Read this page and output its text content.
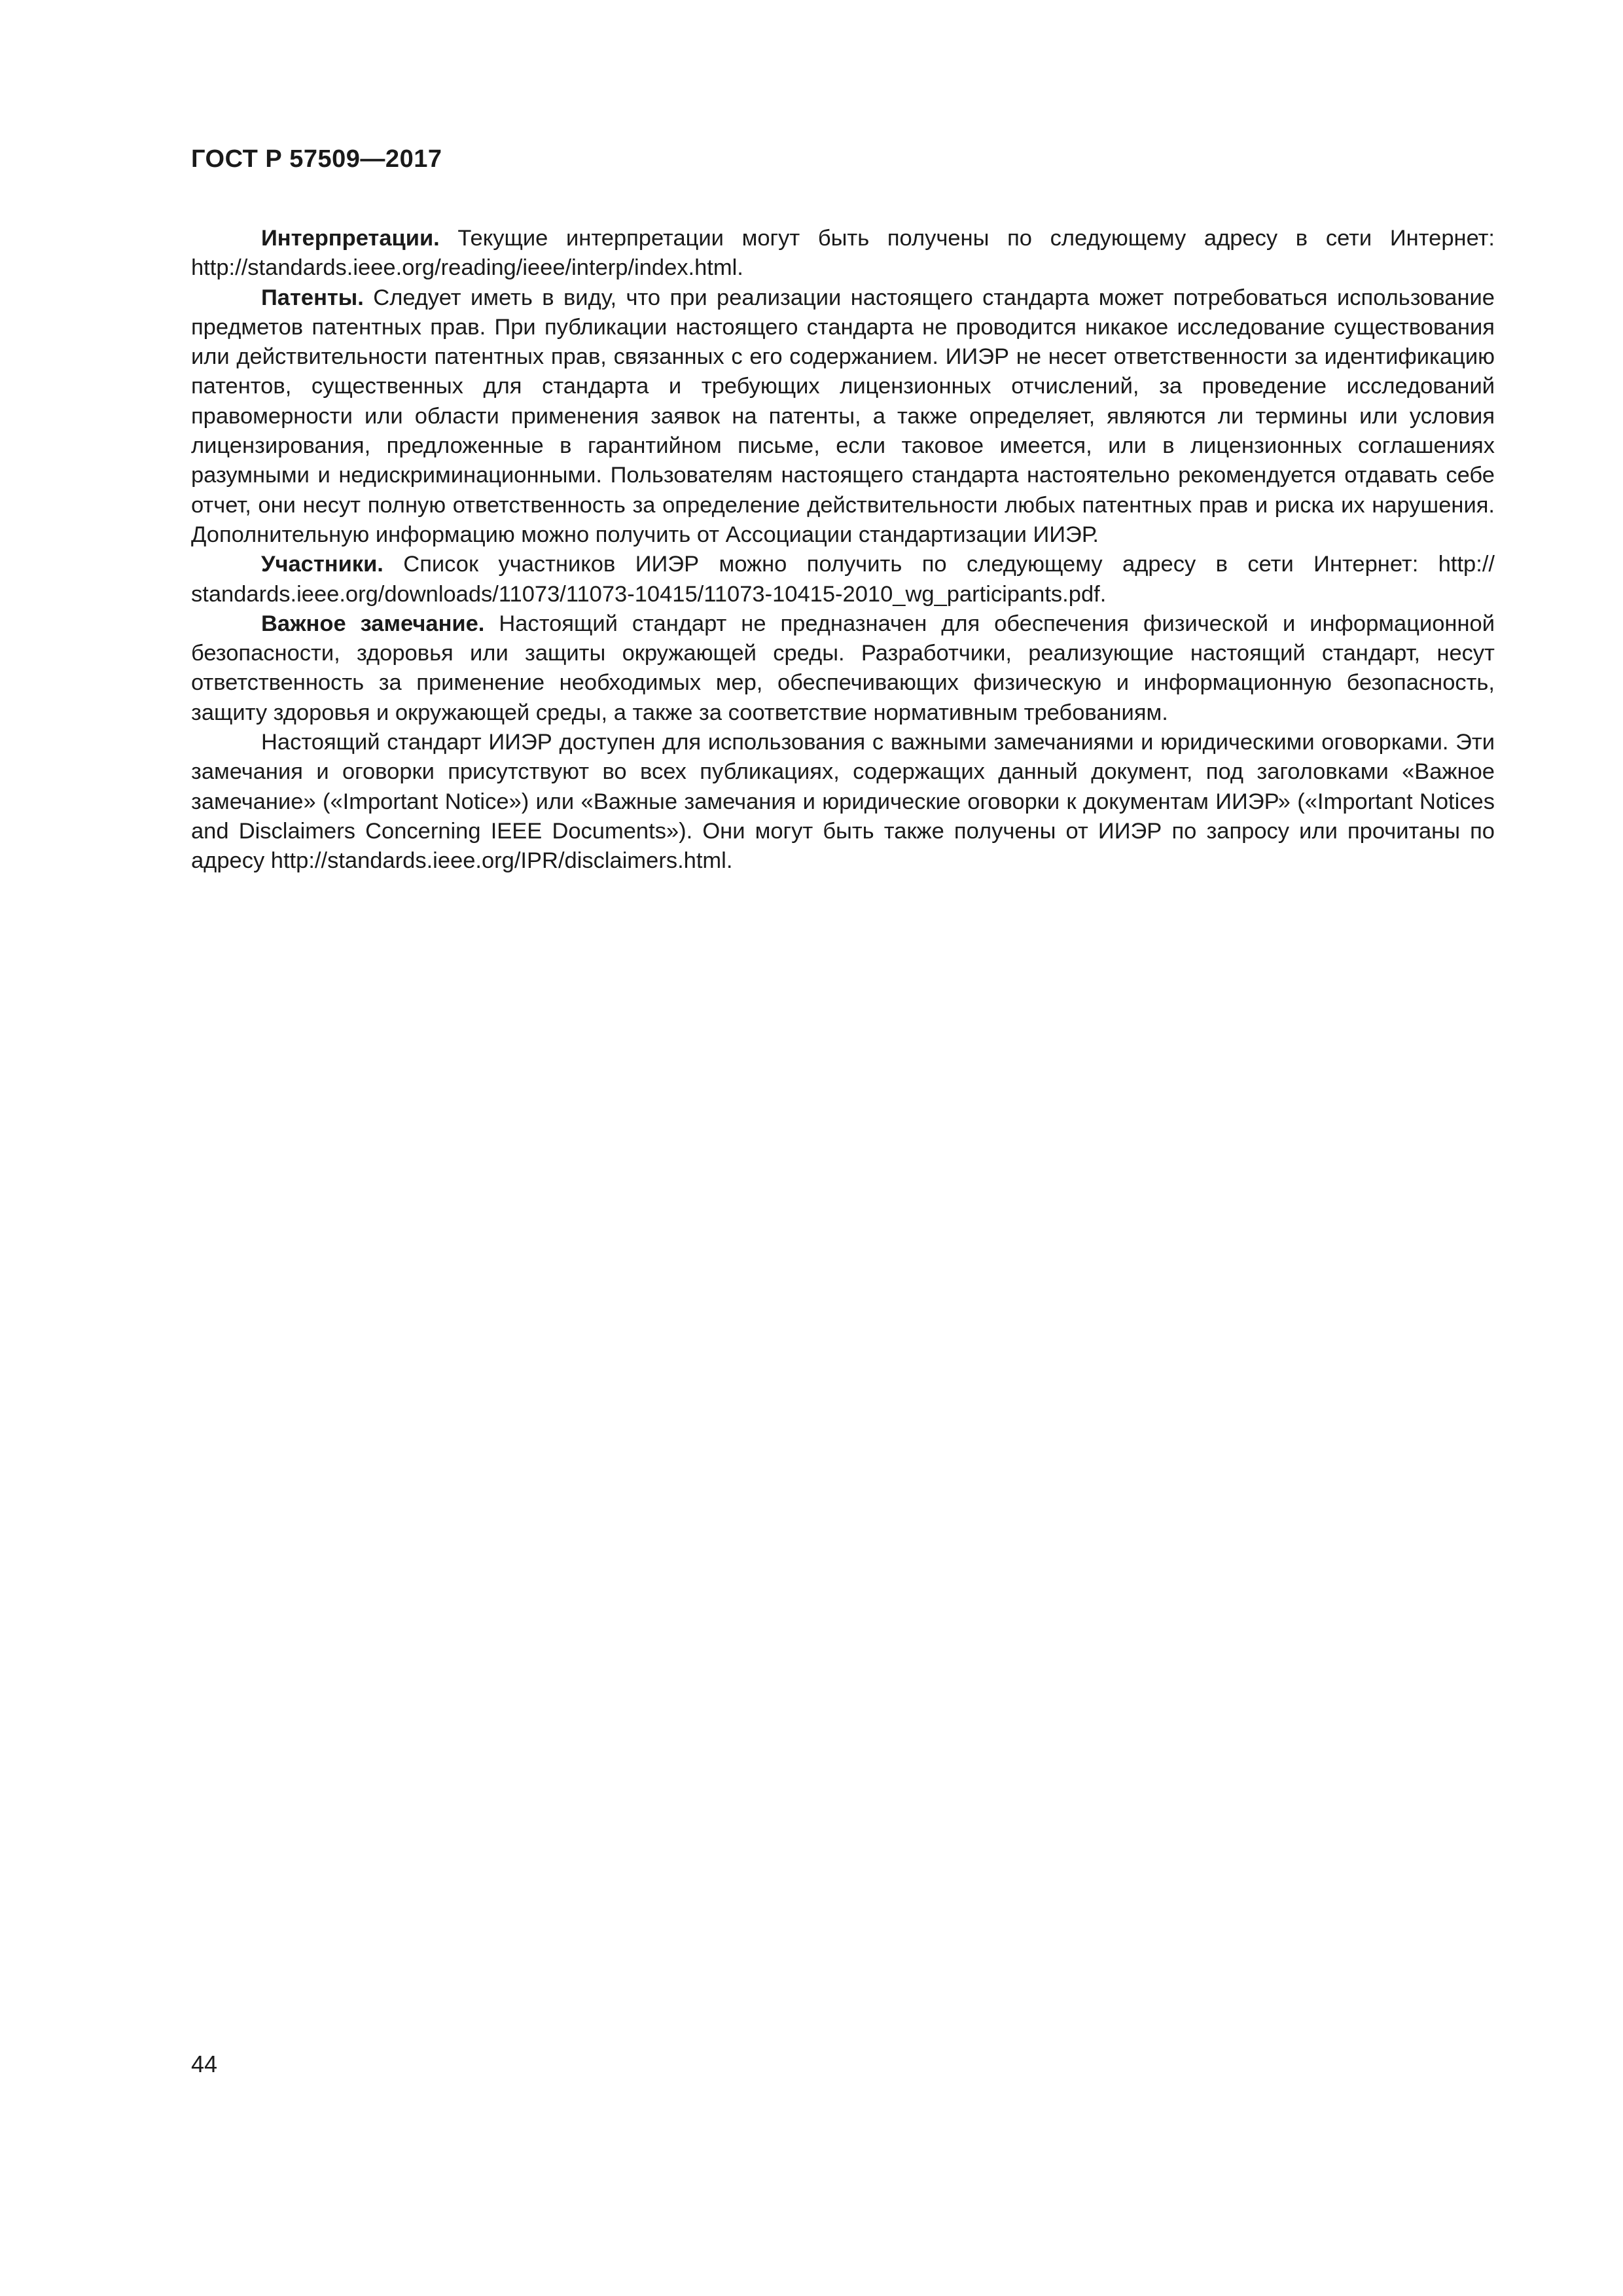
ГОСТ Р 57509—2017

Интерпретации. Текущие интерпретации могут быть получены по следующему адресу в сети Интернет: http://standards.ieee.org/reading/ieee/interp/index.html.

Патенты. Следует иметь в виду, что при реализации настоящего стандарта может потребоваться использование предметов патентных прав. При публикации настоящего стандарта не проводится никакое исследование существования или действительности патентных прав, связанных с его содержанием. ИИЭР не несет ответственности за идентификацию патентов, существенных для стандарта и требующих лицензионных отчислений, за проведение исследований правомерности или области применения заявок на патенты, а также определяет, являются ли термины или условия лицензирования, предложенные в гарантийном письме, если таковое имеется, или в лицензионных соглашениях разумными и недискриминационными. Пользователям настоящего стандарта настоятельно рекомендуется отдавать себе отчет, они несут полную ответственность за определение действительности любых патентных прав и риска их нарушения. Дополнительную информацию можно получить от Ассоциации стандартизации ИИЭР.

Участники. Список участников ИИЭР можно получить по следующему адресу в сети Интернет: http:// standards.ieee.org/downloads/11073/11073-10415/11073-10415-2010_wg_participants.pdf.

Важное замечание. Настоящий стандарт не предназначен для обеспечения физической и информационной безопасности, здоровья или защиты окружающей среды. Разработчики, реализующие настоящий стандарт, несут ответственность за применение необходимых мер, обеспечивающих физическую и информационную безопасность, защиту здоровья и окружающей среды, а также за соответствие нормативным требованиям.

Настоящий стандарт ИИЭР доступен для использования с важными замечаниями и юридическими оговорками. Эти замечания и оговорки присутствуют во всех публикациях, содержащих данный документ, под заголовками «Важное замечание» («Important Notice») или «Важные замечания и юридические оговорки к документам ИИЭР» («Important Notices and Disclaimers Concerning IEEE Documents»). Они могут быть также получены от ИИЭР по запросу или прочитаны по адресу http://standards.ieee.org/IPR/disclaimers.html.

44
